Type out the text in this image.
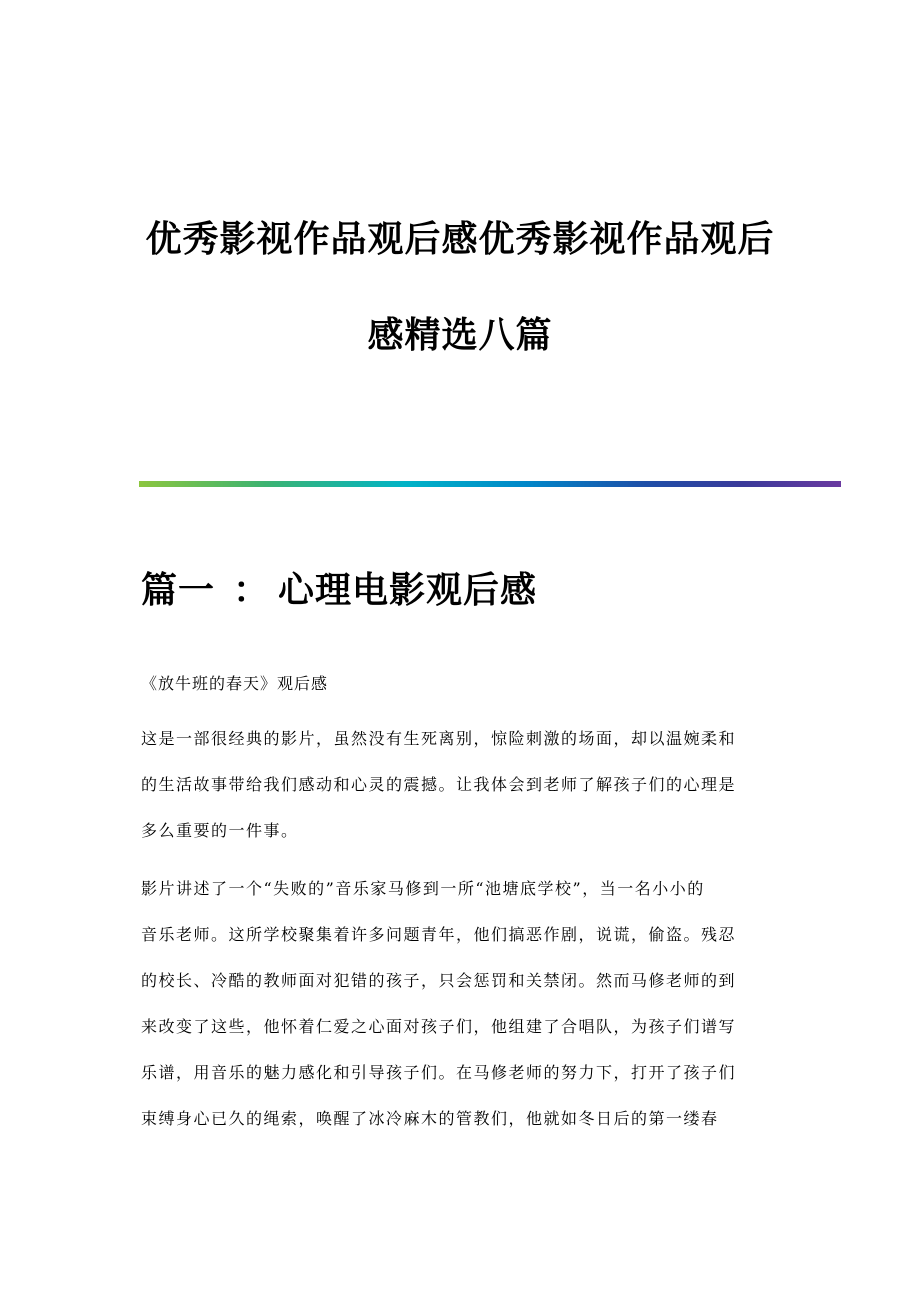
优秀影视作品观后感优秀影视作品观后
感精选八篇
篇一 ： 心理电影观后感

《放牛班的春天》观后感

这是一部很经典的影片，虽然没有生死离别，惊险刺激的场面，却以温婉柔和
的生活故事带给我们感动和心灵的震撼。让我体会到老师了解孩子们的心理是
多么重要的一件事。
影片讲述了一个“失败的”音乐家马修到一所“池塘底学校”，当一名小小的
音乐老师。这所学校聚集着许多问题青年，他们搞恶作剧，说谎，偷盗。残忍
的校长、冷酷的教师面对犯错的孩子，只会惩罚和关禁闭。然而马修老师的到
来改变了这些，他怀着仁爱之心面对孩子们，他组建了合唱队，为孩子们谱写
乐谱，用音乐的魅力感化和引导孩子们。在马修老师的努力下，打开了孩子们
束缚身心已久的绳索，唤醒了冰冷麻木的管教们，他就如冬日后的第一缕春
